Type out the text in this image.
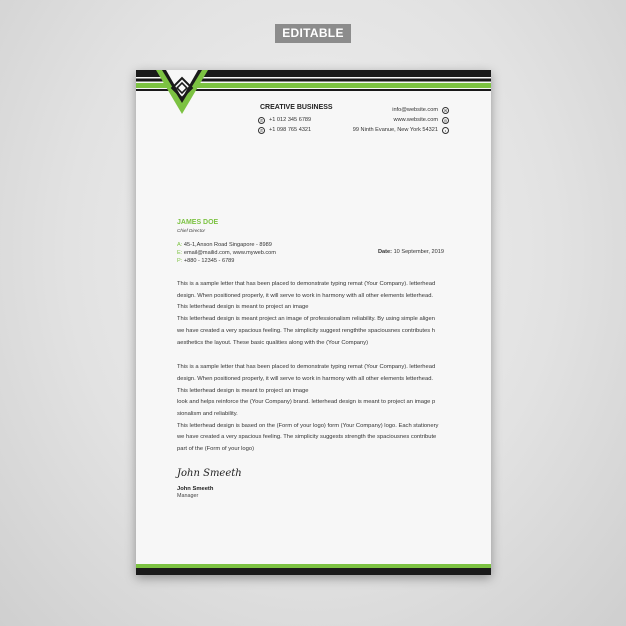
EDITABLE
CREATIVE BUSINESS
✆	+1 012 345 6789
✆	+1 098 765 4321
info@website.com	✉
www.website.com	◎
99 Ninth Evanue, New York 54321	•
JAMES DOE
Chief Director
A: 45-1,Anson Road Singapore - 8989
E: email@mailid.com, www.myweb.com
P: +880 - 12345 - 6789
Date: 10 September, 2019

This is a sample letter that has been placed to demonstrate typing remat (Your Company). letterhead

design. When positioned properly, it will serve to work in harmony with all other elements letterhead.

This letterhead design is meant to project an image

This letterhead design is meant project an image of professionalism reliability. By using simple aligen

we have created a very spacious feeling. The simplicity suggest rengththe spaciousnes contributes h

aesthetics the layout. These basic qualities along with the (Your Company)

This is a sample letter that has been placed to demonstrate typing remat (Your Company). letterhead

design. When positioned properly, it will serve to work in harmony with all other elements letterhead.

This letterhead design is meant to project an image

look and helps reinforce the (Your Company) brand. letterhead design is meant to project an image p

sionalism and reliability.

This letterhead design is based on the (Form of your logo) form (Your Company) logo. Each stationery

we have created a very spacious feeling. The simplicity suggests strength the spaciousnes contribute

part of the (Form of your logo)

John Smeeth
John Smeeth
Manager
